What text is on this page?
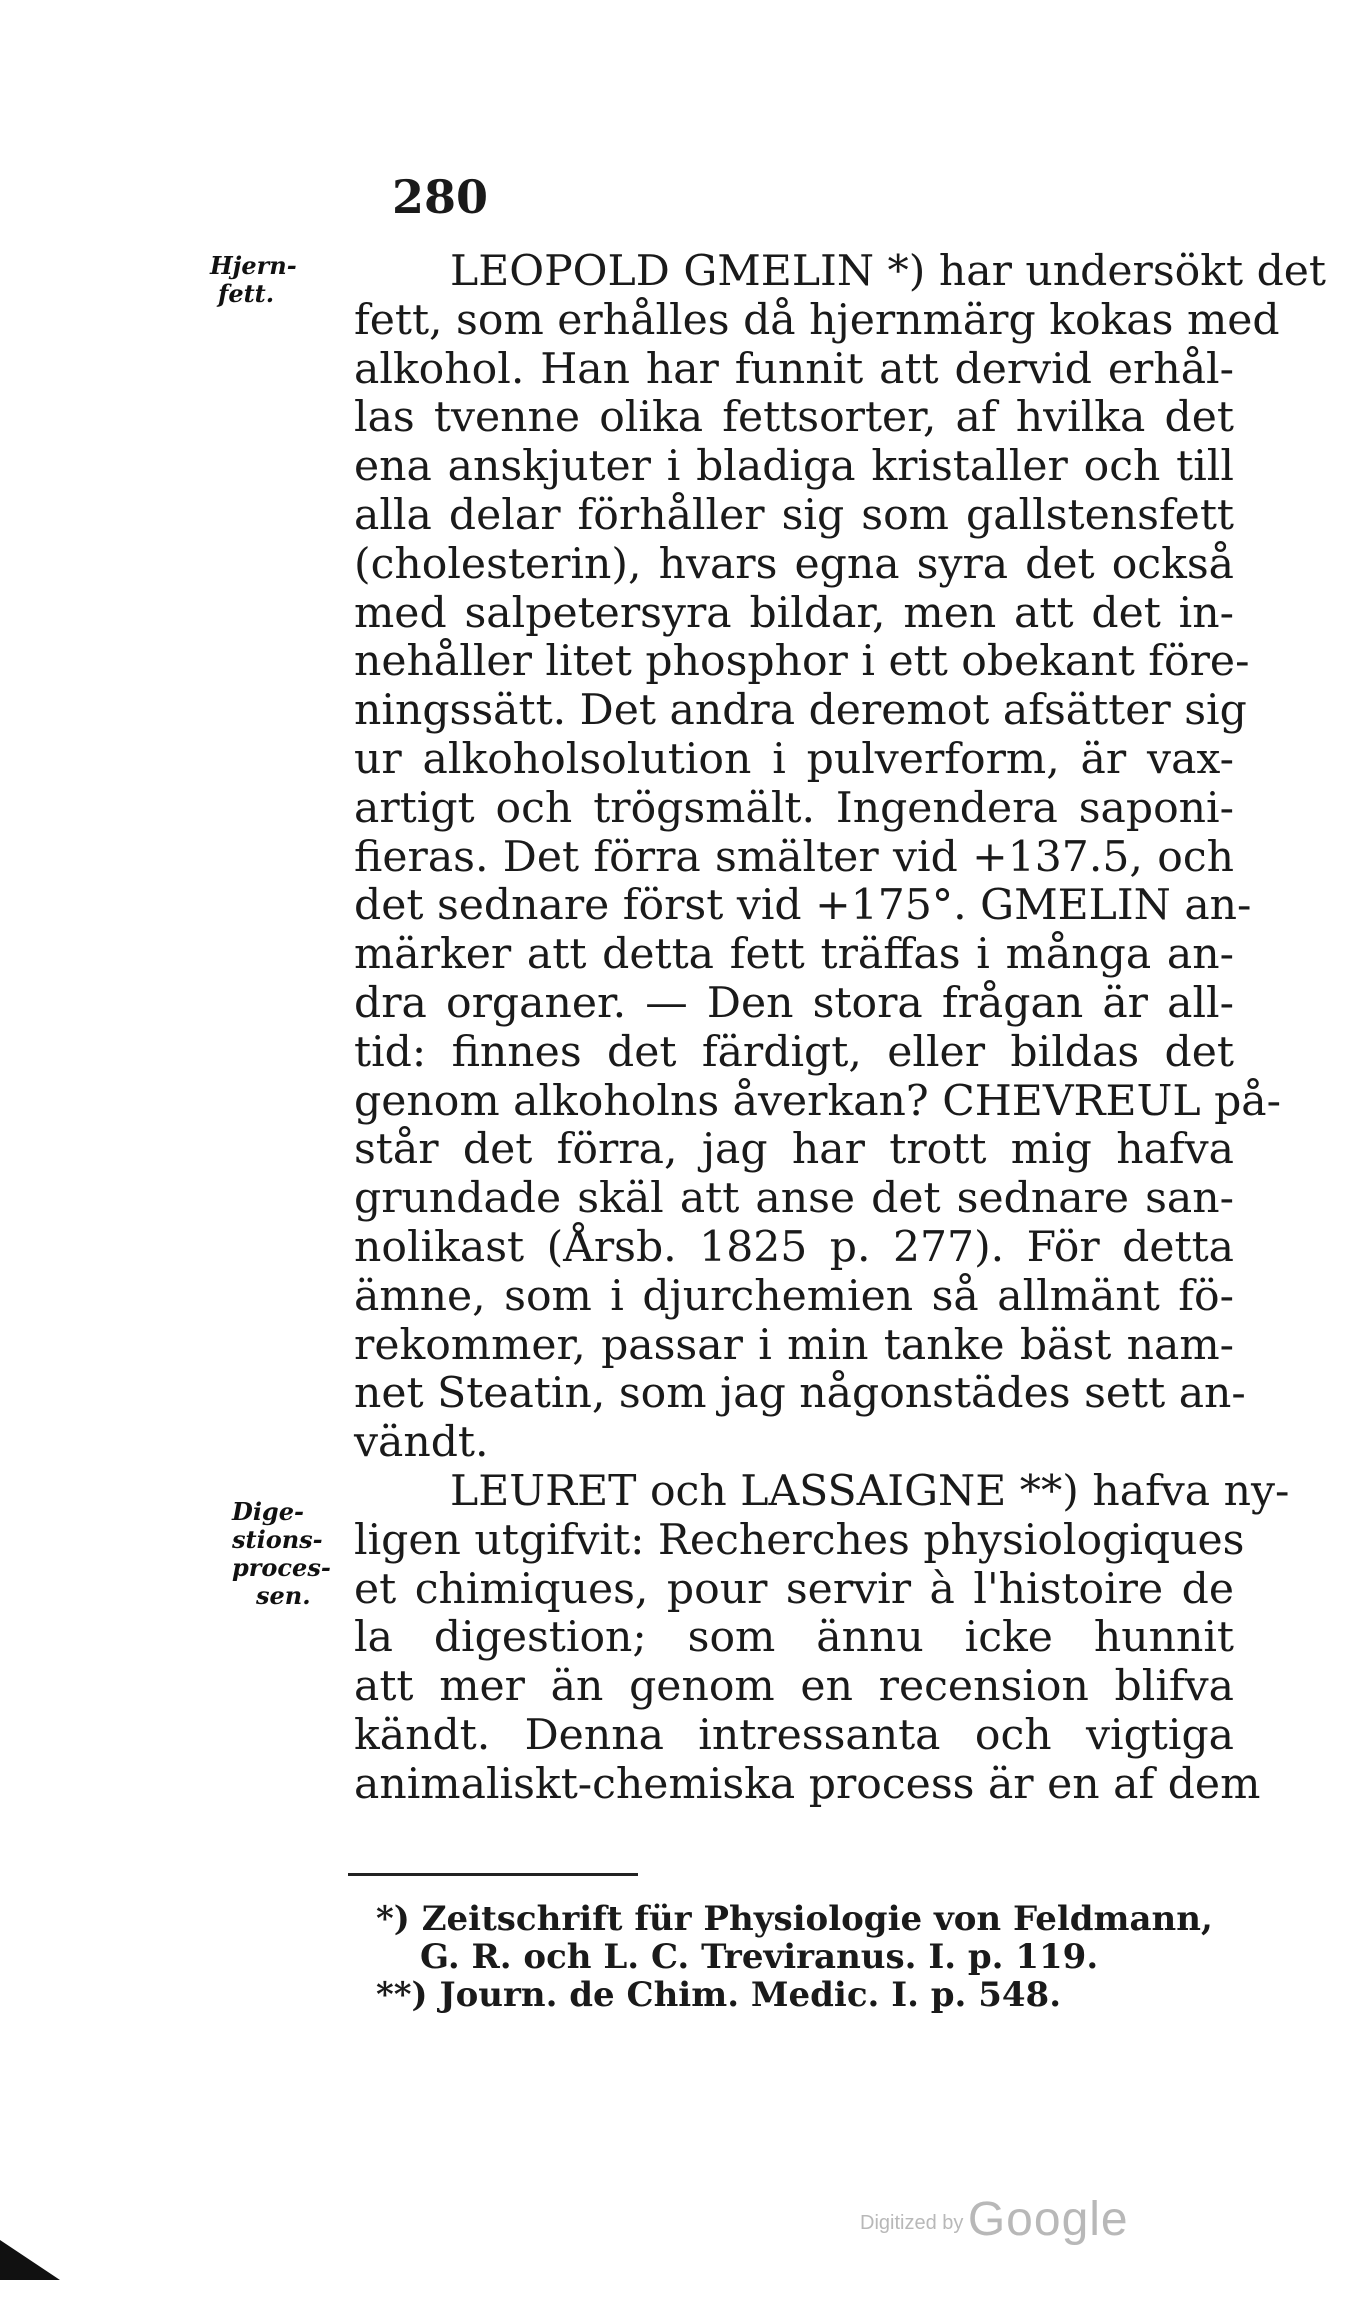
280
Hjern-
fett.
Dige-
stions-
proces-
sen.
LEOPOLD GMELIN *) har undersökt det
fett, som erhålles då hjernmärg kokas med
alkohol. Han har funnit att dervid erhål-
las tvenne olika fettsorter, af hvilka det
ena anskjuter i bladiga kristaller och till
alla delar förhåller sig som gallstensfett
(cholesterin), hvars egna syra det också
med salpetersyra bildar, men att det in-
nehåller litet phosphor i ett obekant före-
ningssätt. Det andra deremot afsätter sig
ur alkoholsolution i pulverform, är vax-
artigt och trögsmält. Ingendera saponi-
fieras. Det förra smälter vid +137.5, och
det sednare först vid +175°. GMELIN an-
märker att detta fett träffas i många an-
dra organer. — Den stora frågan är all-
tid: finnes det färdigt, eller bildas det
genom alkoholns åverkan? CHEVREUL på-
står det förra, jag har trott mig hafva
grundade skäl att anse det sednare san-
nolikast (Årsb. 1825 p. 277). För detta
ämne, som i djurchemien så allmänt fö-
rekommer, passar i min tanke bäst nam-
net Steatin, som jag någonstädes sett an-
vändt.
LEURET och LASSAIGNE **) hafva ny-
ligen utgifvit: Recherches physiologiques
et chimiques, pour servir à l'histoire de
la digestion; som ännu icke hunnit
att mer än genom en recension blifva
kändt. Denna intressanta och vigtiga
animaliskt-chemiska process är en af dem
*) Zeitschrift für Physiologie von Feldmann,
G. R. och L. C. Treviranus. I. p. 119.
**) Journ. de Chim. Medic. I. p. 548.
Digitized by Google
